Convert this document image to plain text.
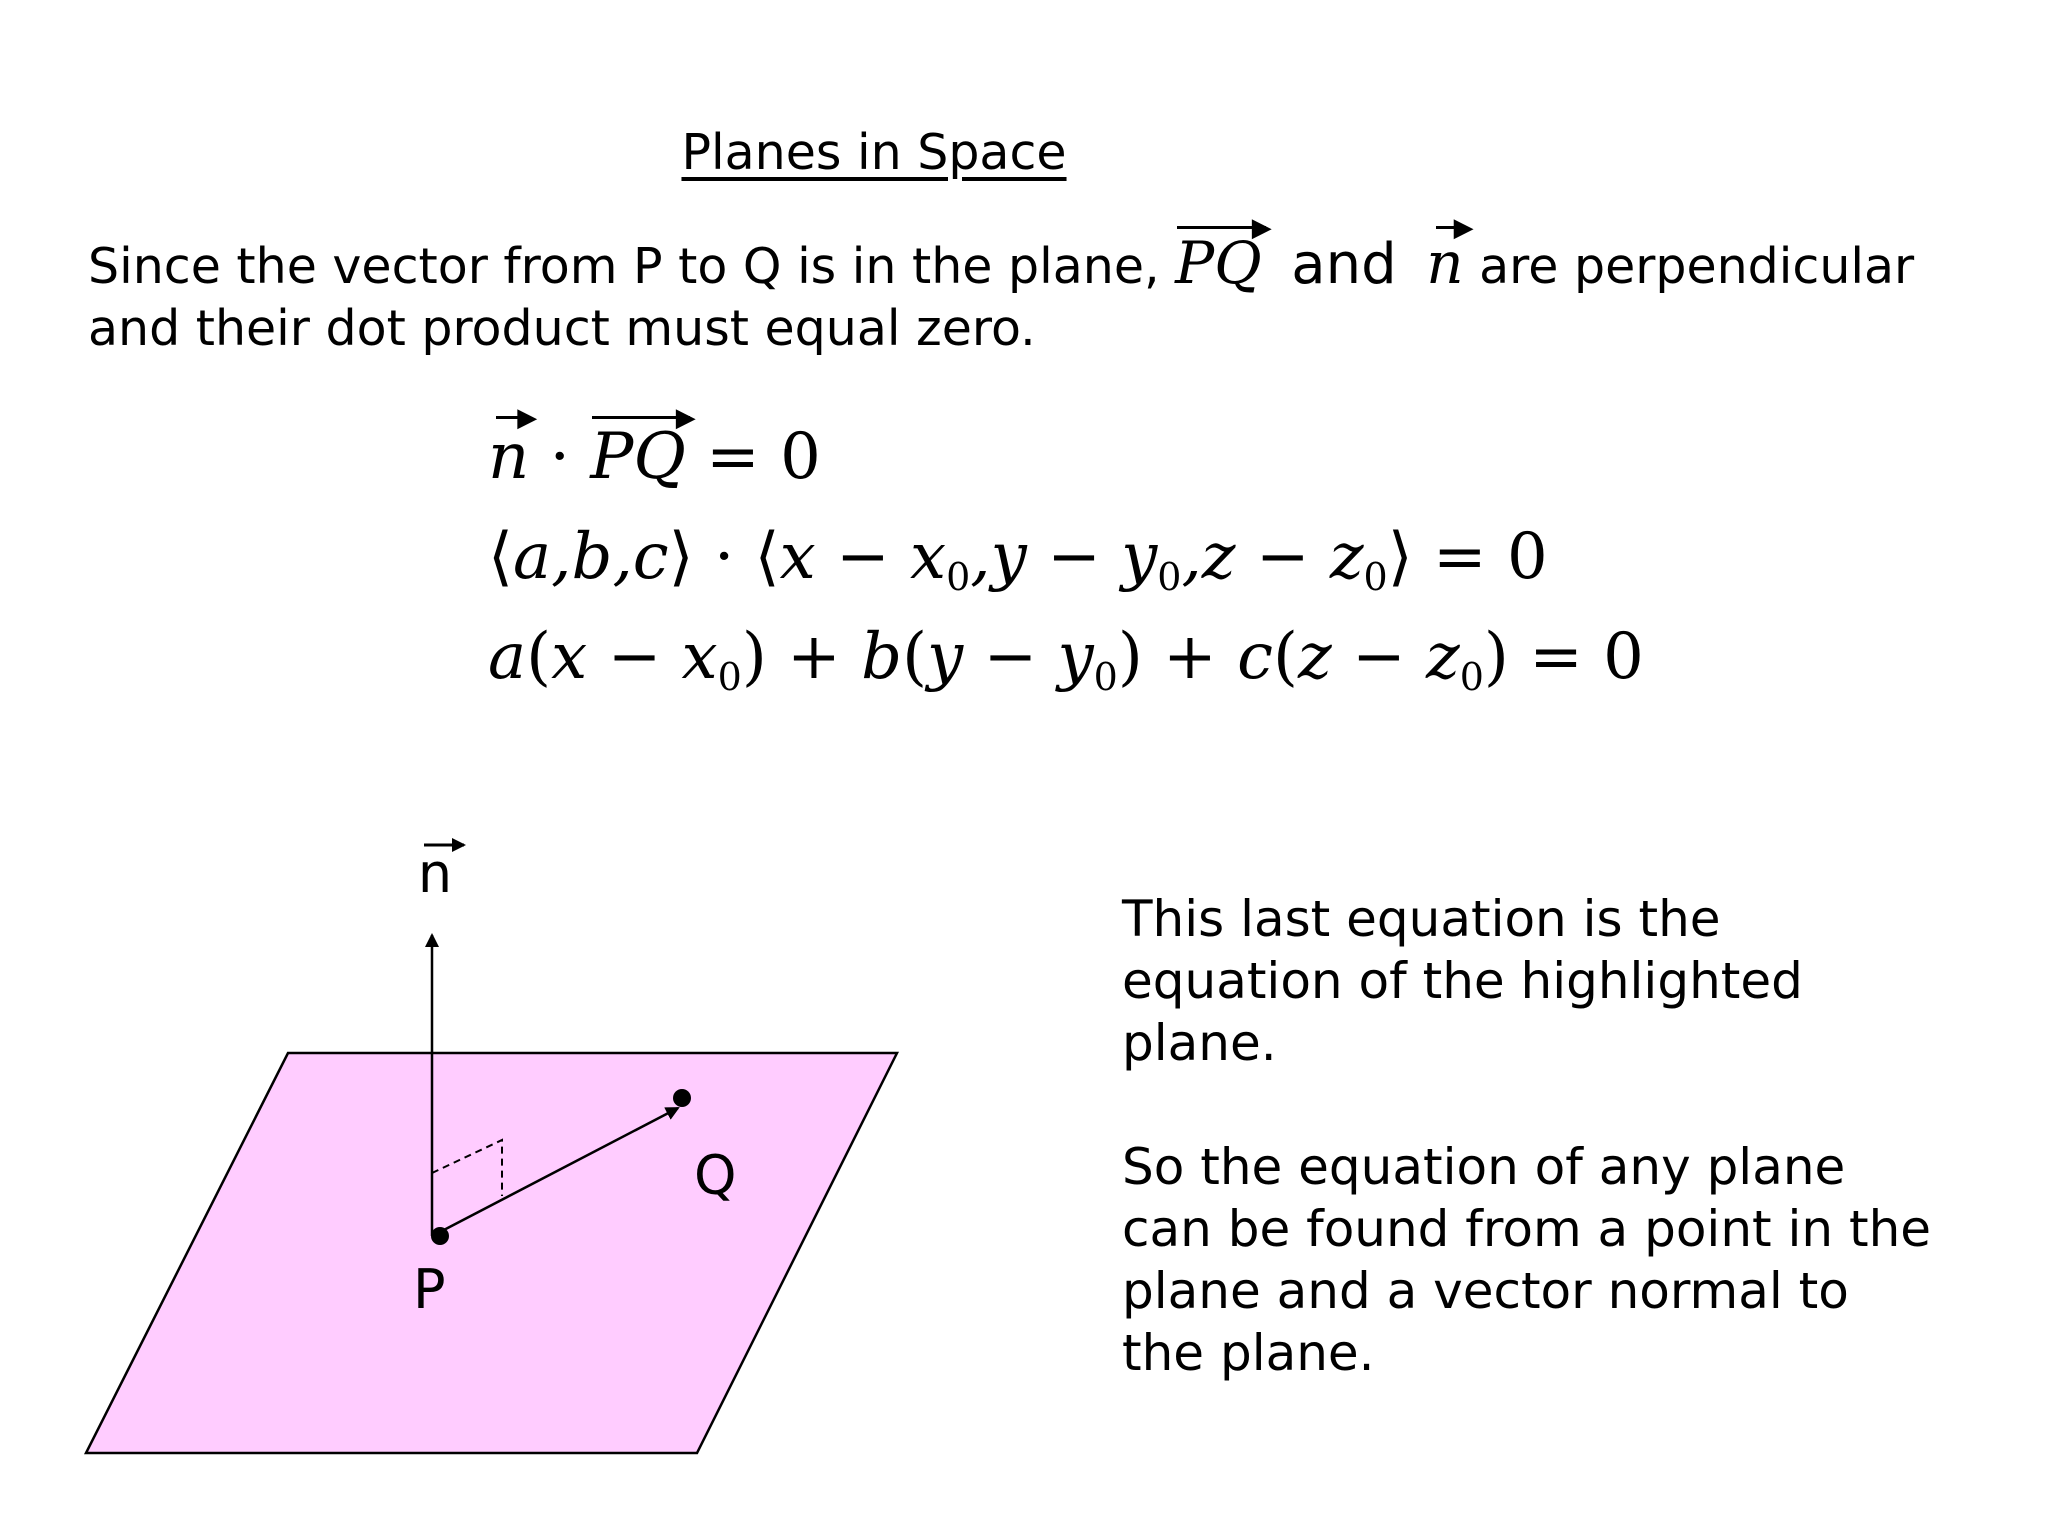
Planes in Space
Since the vector from P to Q is in the plane,
▶
PQ and
▶
n are perpendicular
and their dot product must equal zero.
n
▶
· PQ
▶
= 0
⟨a,b,c⟩ · ⟨x − $x_0,y - y_0,z$ − $z_0⟩ = 0$
$a(x - x_0) + b(y - y_0) + c(z - z_0) = 0$
n
P
Q
This last equation is the equation of the highlighted plane.
So the equation of any plane can be found from a point in the plane and a vector normal to the plane.
